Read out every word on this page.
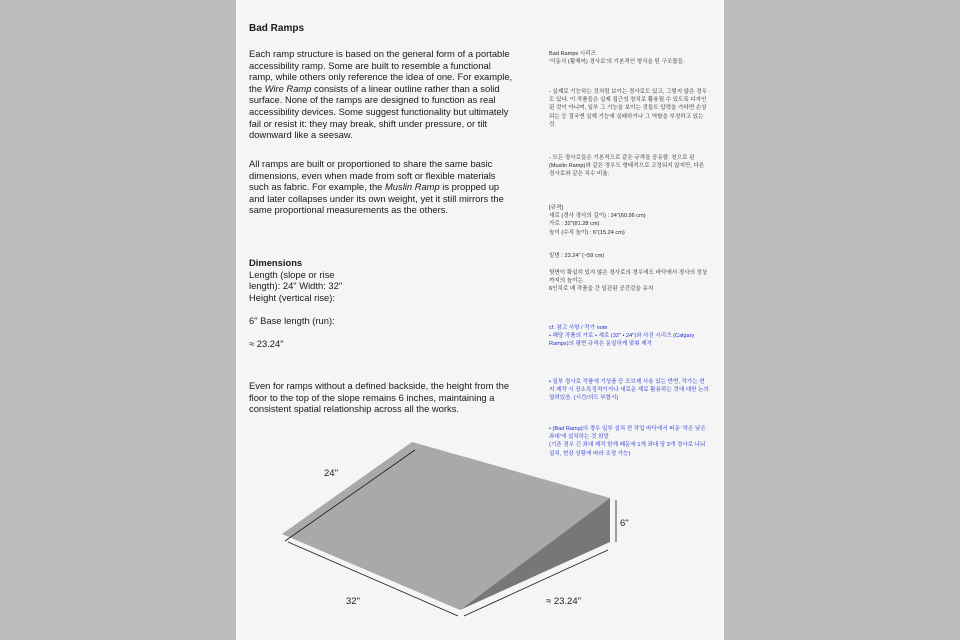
Bad Ramps

Each ramp structure is based on the general form of a portable accessibility ramp. Some are built to resemble a functional ramp, while others only reference the idea of one. For example, the Wire Ramp consists of a linear outline rather than a solid surface. None of the ramps are designed to function as real accessibility devices. Some suggest functionality but ultimately fail or resist it: they may break, shift under pressure, or tilt downward like a seesaw.

All ramps are built or proportioned to share the same basic dimensions, even when made from soft or flexible materials such as fabric. For example, the Muslin Ramp is propped up and later collapses under its own weight, yet it still mirrors the same proportional measurements as the others.

Dimensions
Length (slope or rise
length): 24" Width: 32"
Height (vertical rise):
6" Base length (run):
≈ 23.24"
Even for ramps without a defined backside, the height from the floor to the top of the slope remains 6 inches, maintaining a consistent spatial relationship across all the works.

Bad Ramps 시리즈

'이동식 (휠체어) 경사로'의 기본적인 형식을 띤 구조물들.

- 실제로 기능하는 것처럼 보이는 경사로도 있고, 그렇지 않은 경우도 있다. 이 작품들은 실제 접근성 장치로 활용될 수 있도록 디자인된 것이 아니며, 일부 그 기능을 보이는 것들도 압력을 가하면 손상되는 등 결국엔 실제 기능에 실패하거나 그 역할을 부정하고 있는 것.

- 모든 경사로들은 기본적으로 같은 규격을 공유함. 천으로 된 (Muslin Ramp)와 같은 경우도 형태적으로 고정되지 않지만, 다른 경사로와 같은 치수 비율.

[규격]

세로 (경사 경사의 길이) : 24"(60.96 cm)

가로 : 32"(81.28 cm)

높이 (수직 높이) : 6"(15.24 cm)

밑변 : 23.24" (~59 cm)

뒷면이 확실히 있지 않은 경사로의 경우에도 바닥에서 경사의 정상까지의 높이는

6인치로 매 작품을 간 일관된 공간감을 유지

cf. 참고 사항 / 작가 note

• 해당 작품의 가로 • 세로 (32" • 24")와 사진 시리즈 (Calgary Ramps)의 평면 규격은 동일하게 맞춰 제작

• 일부 경사로 작품에 기성품 등 오브제 사용 있는 반면, 작가는 현지 제작 시 장소특정적이거나 새로운 재료 활용하는 것에 대한 논의 열려있음. (시간/의도 부합시)

• (Bad Ramp)의 경우 일부 설치 전 작업 바닥에서 떠운 '작은 낮은 좌대'에 설치하는 것 희망

(기존 경우 긴 좌대 제작 한계 때문에 1개 좌대 당 3개 경사로 나눠 설치, 현장 상황에 따라 조정 가능)

24"
6"
32"	≈ 23.24"
